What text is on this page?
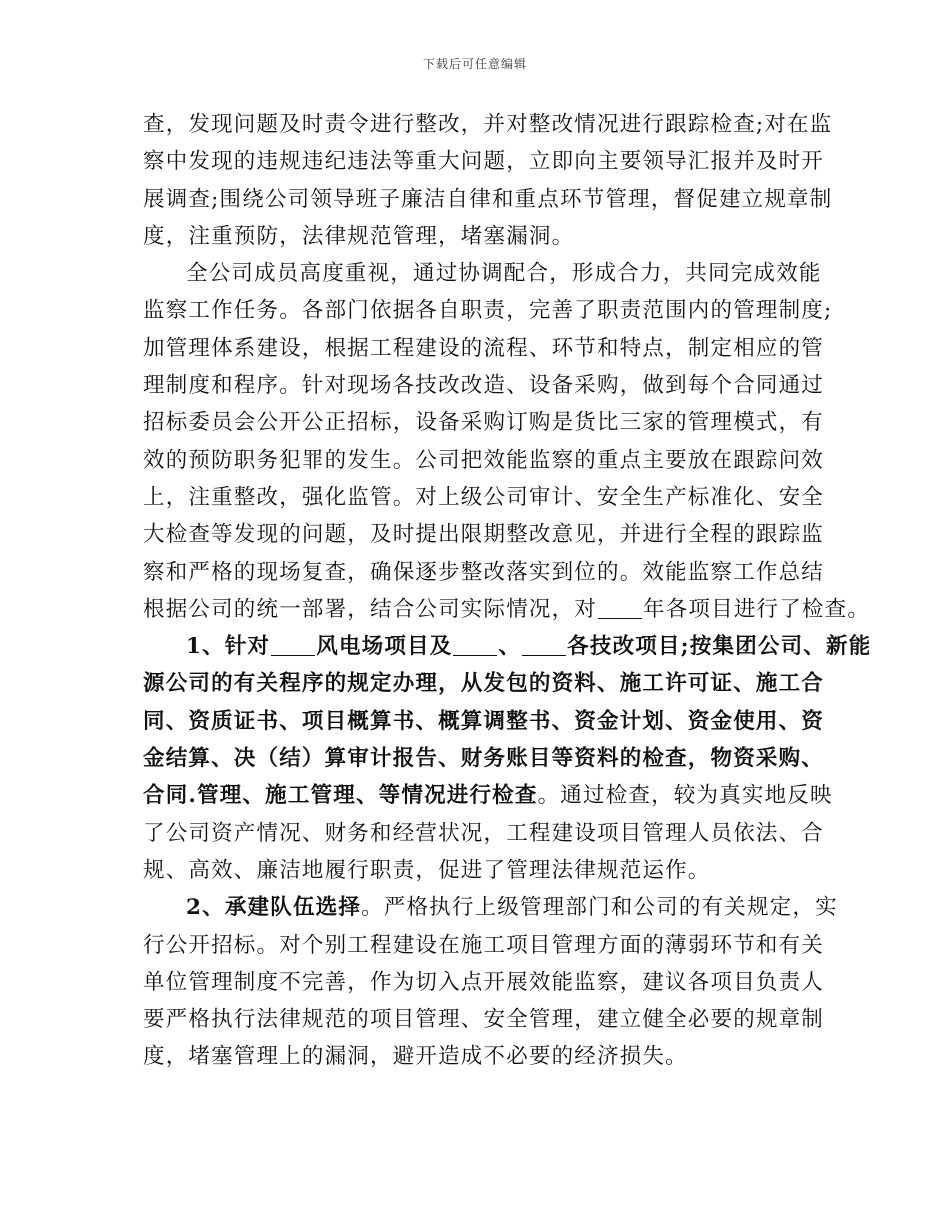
下载后可任意编辑
查，发现问题及时责令进行整改，并对整改情况进行跟踪检查;对在监
察中发现的违规违纪违法等重大问题，立即向主要领导汇报并及时开
展调查;围绕公司领导班子廉洁自律和重点环节管理，督促建立规章制
度，注重预防，法律规范管理，堵塞漏洞。
全公司成员高度重视，通过协调配合，形成合力，共同完成效能
监察工作任务。各部门依据各自职责，完善了职责范围内的管理制度;
加管理体系建设，根据工程建设的流程、环节和特点，制定相应的管
理制度和程序。针对现场各技改改造、设备采购，做到每个合同通过
招标委员会公开公正招标，设备采购订购是货比三家的管理模式，有
效的预防职务犯罪的发生。公司把效能监察的重点主要放在跟踪问效
上，注重整改，强化监管。对上级公司审计、安全生产标准化、安全
大检查等发现的问题，及时提出限期整改意见，并进行全程的跟踪监
察和严格的现场复查，确保逐步整改落实到位的。效能监察工作总结
根据公司的统一部署，结合公司实际情况，对 年各项目进行了检查。
1、针对 风电场项目及 、 各技改项目;按集团公司、新能
源公司的有关程序的规定办理，从发包的资料、施工许可证、施工合
同、资质证书、项目概算书、概算调整书、资金计划、资金使用、资
金结算、决（结）算审计报告、财务账目等资料的检查，物资采购、
合同.管理、施工管理、等情况进行检查。通过检查，较为真实地反映
了公司资产情况、财务和经营状况，工程建设项目管理人员依法、合
规、高效、廉洁地履行职责，促进了管理法律规范运作。
2、承建队伍选择。严格执行上级管理部门和公司的有关规定，实
行公开招标。对个别工程建设在施工项目管理方面的薄弱环节和有关
单位管理制度不完善，作为切入点开展效能监察，建议各项目负责人
要严格执行法律规范的项目管理、安全管理，建立健全必要的规章制
度，堵塞管理上的漏洞，避开造成不必要的经济损失。
